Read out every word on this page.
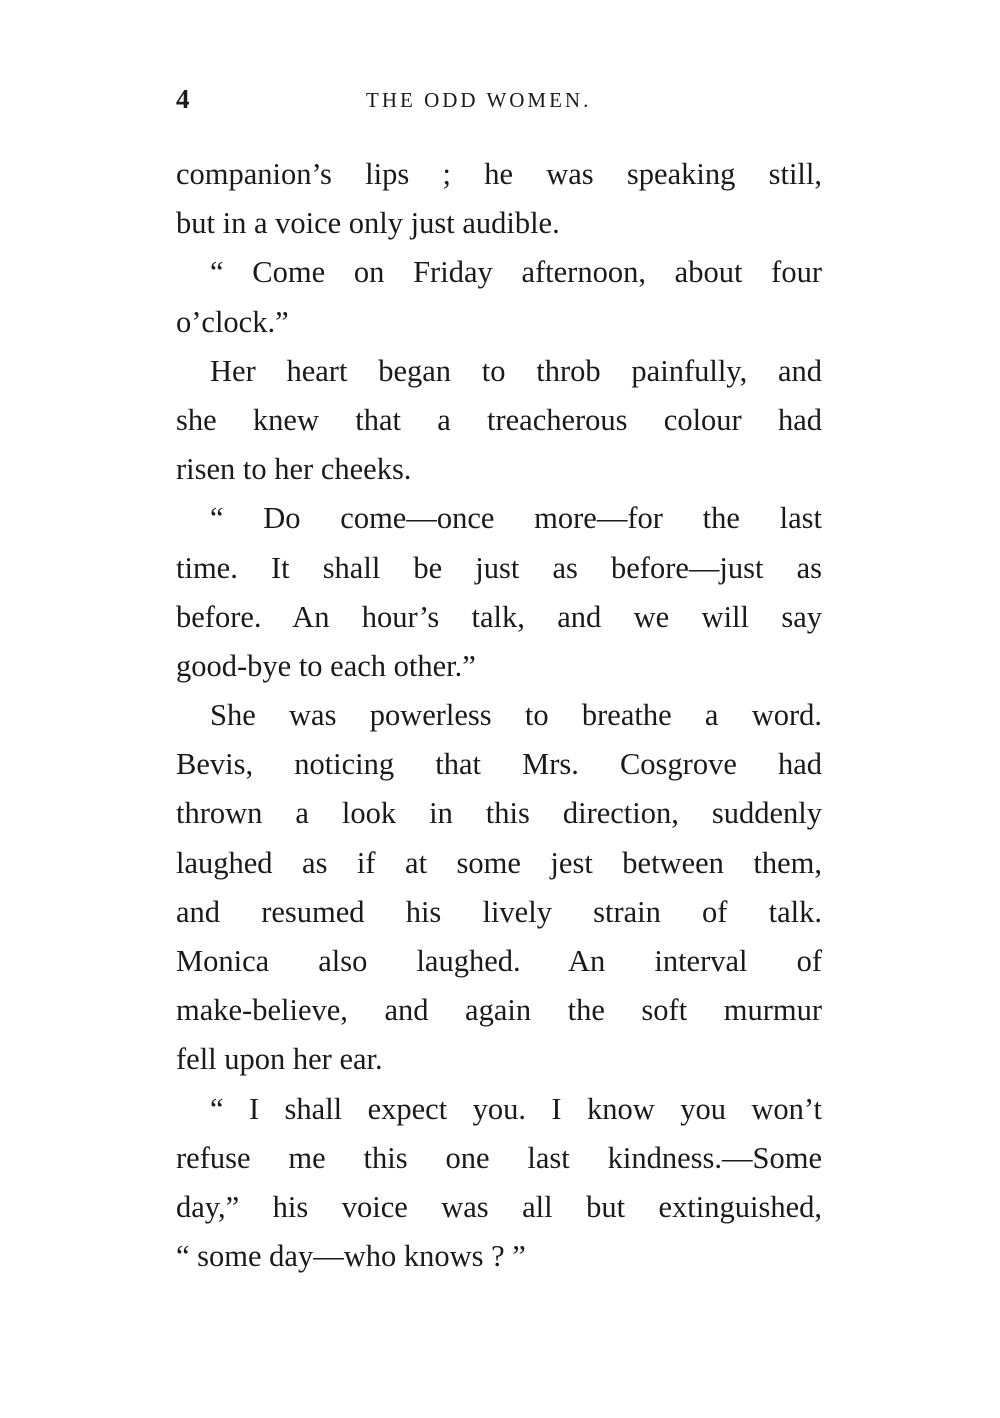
4	THE ODD WOMEN.
companion’s lips ; he was speaking still,
but in a voice only just audible.
“ Come on Friday afternoon, about four
o’clock.”
Her heart began to throb painfully, and
she knew that a treacherous colour had
risen to her cheeks.
“ Do come—once more—for the last
time. It shall be just as before—just as
before. An hour’s talk, and we will say
good-bye to each other.”
She was powerless to breathe a word.
Bevis, noticing that Mrs. Cosgrove had
thrown a look in this direction, suddenly
laughed as if at some jest between them,
and resumed his lively strain of talk.
Monica also laughed. An interval of
make-believe, and again the soft murmur
fell upon her ear.
“ I shall expect you. I know you won’t
refuse me this one last kindness.—Some
day,” his voice was all but extinguished,
“ some day—who knows ? ”
